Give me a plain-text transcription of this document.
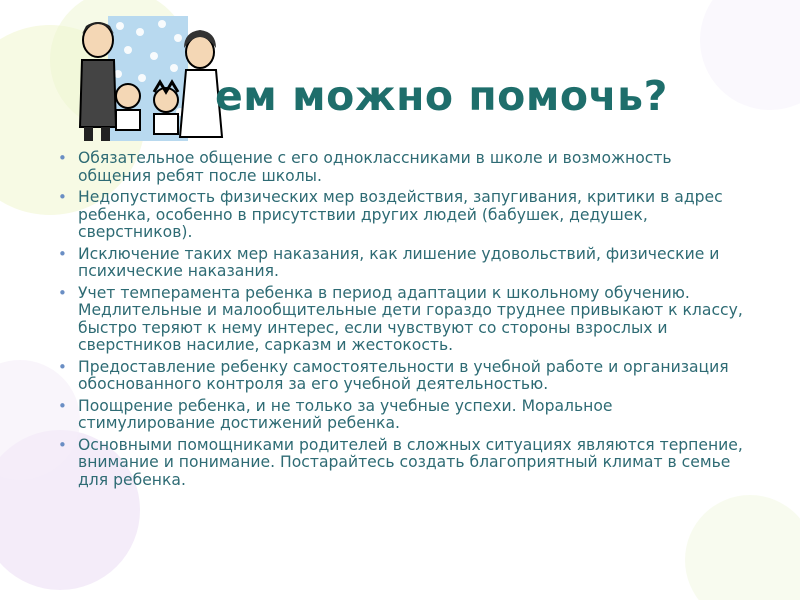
ем можно помочь?
• Обязательное общение с его одноклассниками в школе и возможность общения ребят после школы.
• Недопустимость физических мер воздействия, запугивания, критики в адрес ребенка, особенно в присутствии других людей (бабушек, дедушек, сверстников).
• Исключение таких мер наказания, как лишение удовольствий, физические и психические наказания.
• Учет темперамента ребенка в период адаптации к школьному обучению. Медлительные и малообщительные дети гораздо труднее привыкают к классу, быстро теряют к нему интерес, если чувствуют со стороны взрослых и сверстников насилие, сарказм и жестокость.
• Предоставление ребенку самостоятельности в учебной работе и организация обоснованного контроля за его учебной деятельностью.
• Поощрение ребенка, и не только за учебные успехи. Моральное стимулирование достижений ребенка.
• Основными помощниками родителей в сложных ситуациях являются терпение, внимание и понимание. Постарайтесь создать благоприятный климат в семье для ребенка.
